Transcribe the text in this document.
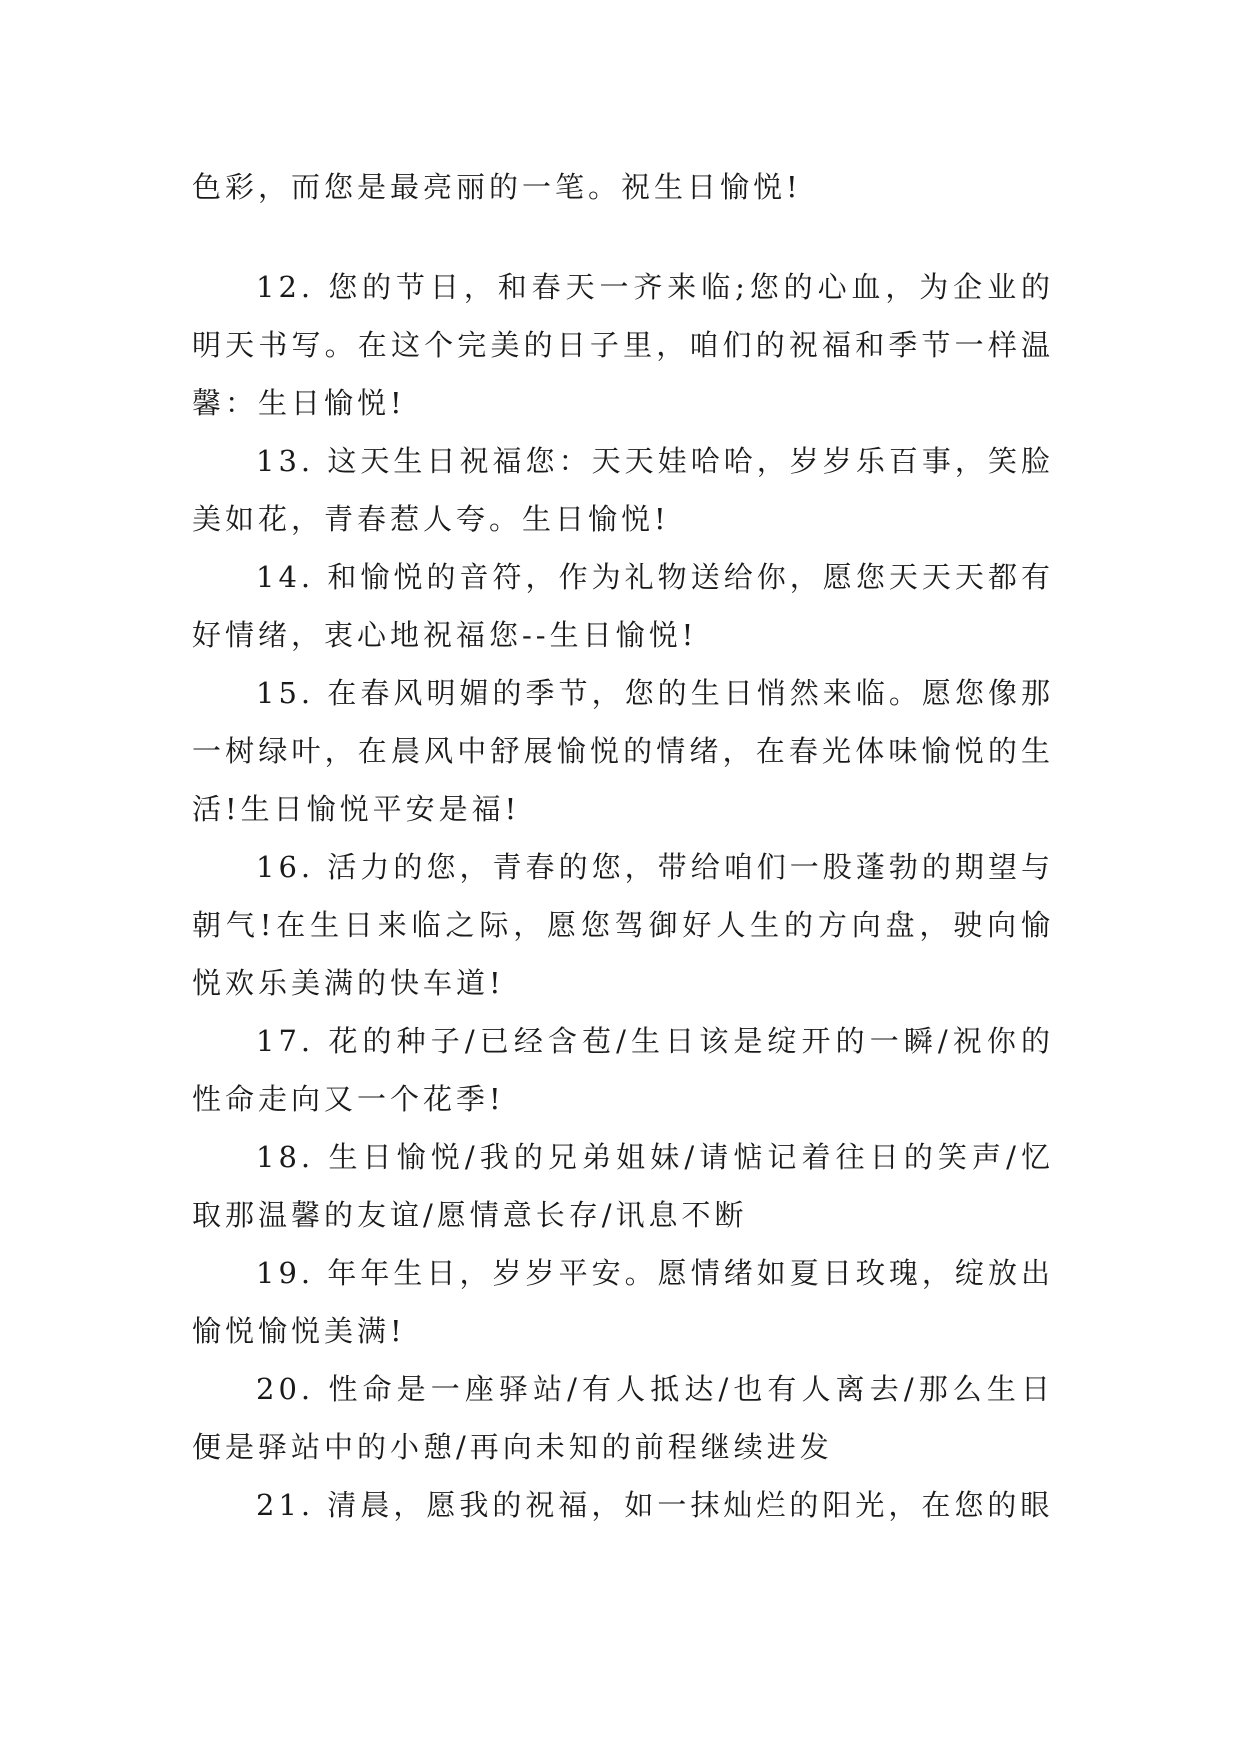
色彩，而您是最亮丽的一笔。祝生日愉悦!

12. 您的节日，和春天一齐来临;您的心血，为企业的明天书写。在这个完美的日子里，咱们的祝福和季节一样温馨：生日愉悦!

13. 这天生日祝福您：天天娃哈哈，岁岁乐百事，笑脸美如花，青春惹人夸。生日愉悦!

14. 和愉悦的音符，作为礼物送给你，愿您天天天都有好情绪，衷心地祝福您--生日愉悦!

15. 在春风明媚的季节，您的生日悄然来临。愿您像那一树绿叶，在晨风中舒展愉悦的情绪，在春光体味愉悦的生活!生日愉悦平安是福!

16. 活力的您，青春的您，带给咱们一股蓬勃的期望与朝气!在生日来临之际，愿您驾御好人生的方向盘，驶向愉悦欢乐美满的快车道!

17. 花的种子/已经含苞/生日该是绽开的一瞬/祝你的性命走向又一个花季!

18. 生日愉悦/我的兄弟姐妹/请惦记着往日的笑声/忆取那温馨的友谊/愿情意长存/讯息不断

19. 年年生日，岁岁平安。愿情绪如夏日玫瑰，绽放出愉悦愉悦美满!

20. 性命是一座驿站/有人抵达/也有人离去/那么生日便是驿站中的小憩/再向未知的前程继续进发

21. 清晨，愿我的祝福，如一抹灿烂的阳光，在您的眼
